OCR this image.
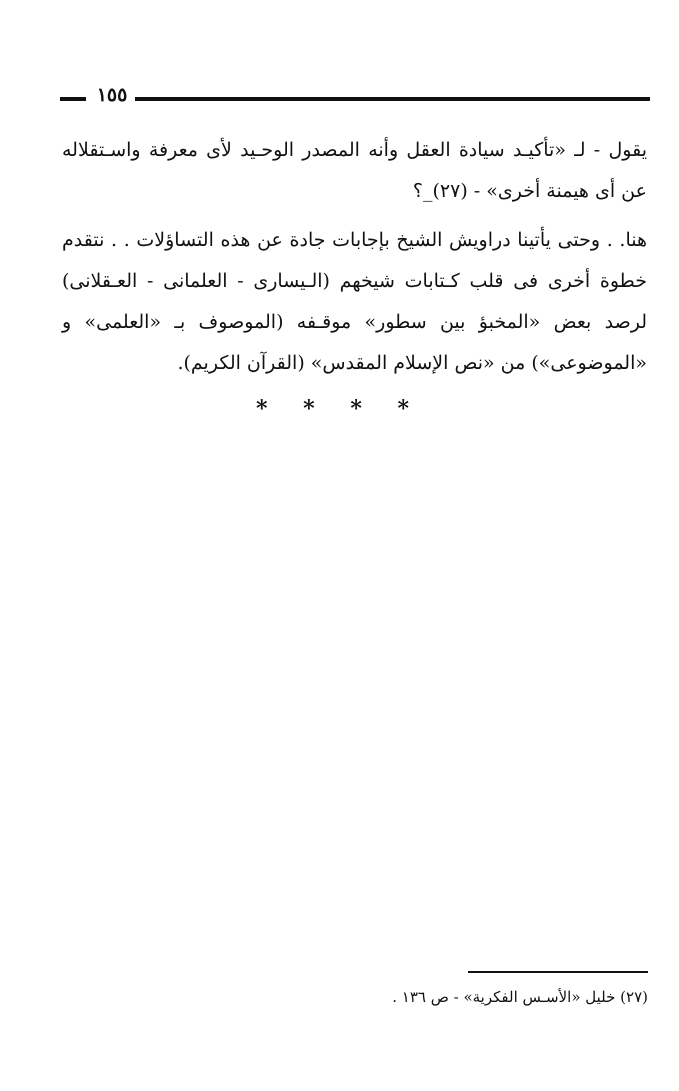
١٥٥

يقول - لـ «تأكيـد سيادة العقل وأنه المصدر الوحـيد لأى معرفة واسـتقلاله عن أى هيمنة أخرى» - (٢٧)_؟

هنا. . وحتى يأتينا دراويش الشيخ بإجابات جادة عن هذه التساؤلات . . نتقدم خطوة أخرى فى قلب كـتابات شيخهم (الـيسارى - العلمانى - العـقلانى) لرصد بعض «المخبؤ بين سطور» موقـفه (الموصوف بـ «العلمى» و «الموضوعى») من «نص الإسلام المقدس» (القرآن الكريم).

* * * *
(٢٧) خليل «الأسـس الفكرية» - ص ١٣٦ .
